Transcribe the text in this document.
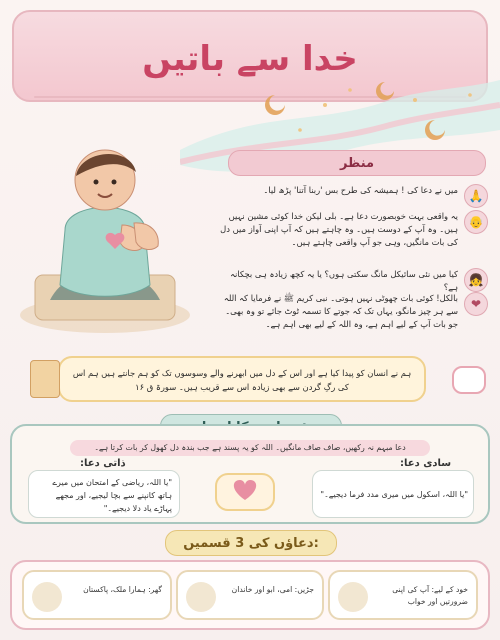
خدا سے باتیں
منظر
🙏
میں نے دعا کی ! ہمیشہ کی طرح بس 'ربنا آتنا' پڑھ لیا۔
👴
یہ واقعی بہت خوبصورت دعا ہے۔ بلی لیکن خدا کوئی مشین نہیں ہیں۔ وہ آپ کے دوست ہیں۔ وہ چاہتے ہیں کہ آپ اپنی آواز میں دل کی بات مانگیں، وہی جو آپ واقعی چاہتے ہیں۔
👧
کیا میں نئی سائیکل مانگ سکتی ہوں؟ یا یہ کچھ زیادہ ہی بچکانہ ہے؟
❤
بالکل! کوئی بات چھوٹی نہیں ہوتی۔ نبی کریم ﷺ نے فرمایا کہ اللہ سے ہر چیز مانگو، یہاں تک کہ جوتے کا تسمہ ٹوٹ جائے تو وہ بھی۔ جو بات آپ کے لیے اہم ہے، وہ اللہ کے لیے بھی اہم ہے۔
ہم نے انسان کو پیدا کیا ہے اور اس کے دل میں ابھرنے والے وسوسوں تک کو ہم جانتے ہیں ہم اس کی رگِ گردن سے بھی زیادہ اس سے قریب ہیں۔ سورۃ ق ۱۶
دعا مبہم نہ رکھیں، صاف صاف مانگیں۔ اللہ کو یہ پسند ہے جب بندہ دل کھول کر بات کرتا ہے۔
ذاتی دعا:
"یا اللہ، ریاضی کے امتحان میں میرے ہاتھ کانپنے سے بچا لیجیے، اور مجھے پہاڑے یاد دلا دیجیے۔"
سادی دعا:
"یا اللہ، اسکول میں میری مدد فرما دیجیے۔"
دعاؤں کی 3 قسمیں:
گھر: ہمارا ملک، پاکستان	جڑیں: امی، ابو اور خاندان	خود کے لیے: آپ کی اپنی ضرورتیں اور خواب
